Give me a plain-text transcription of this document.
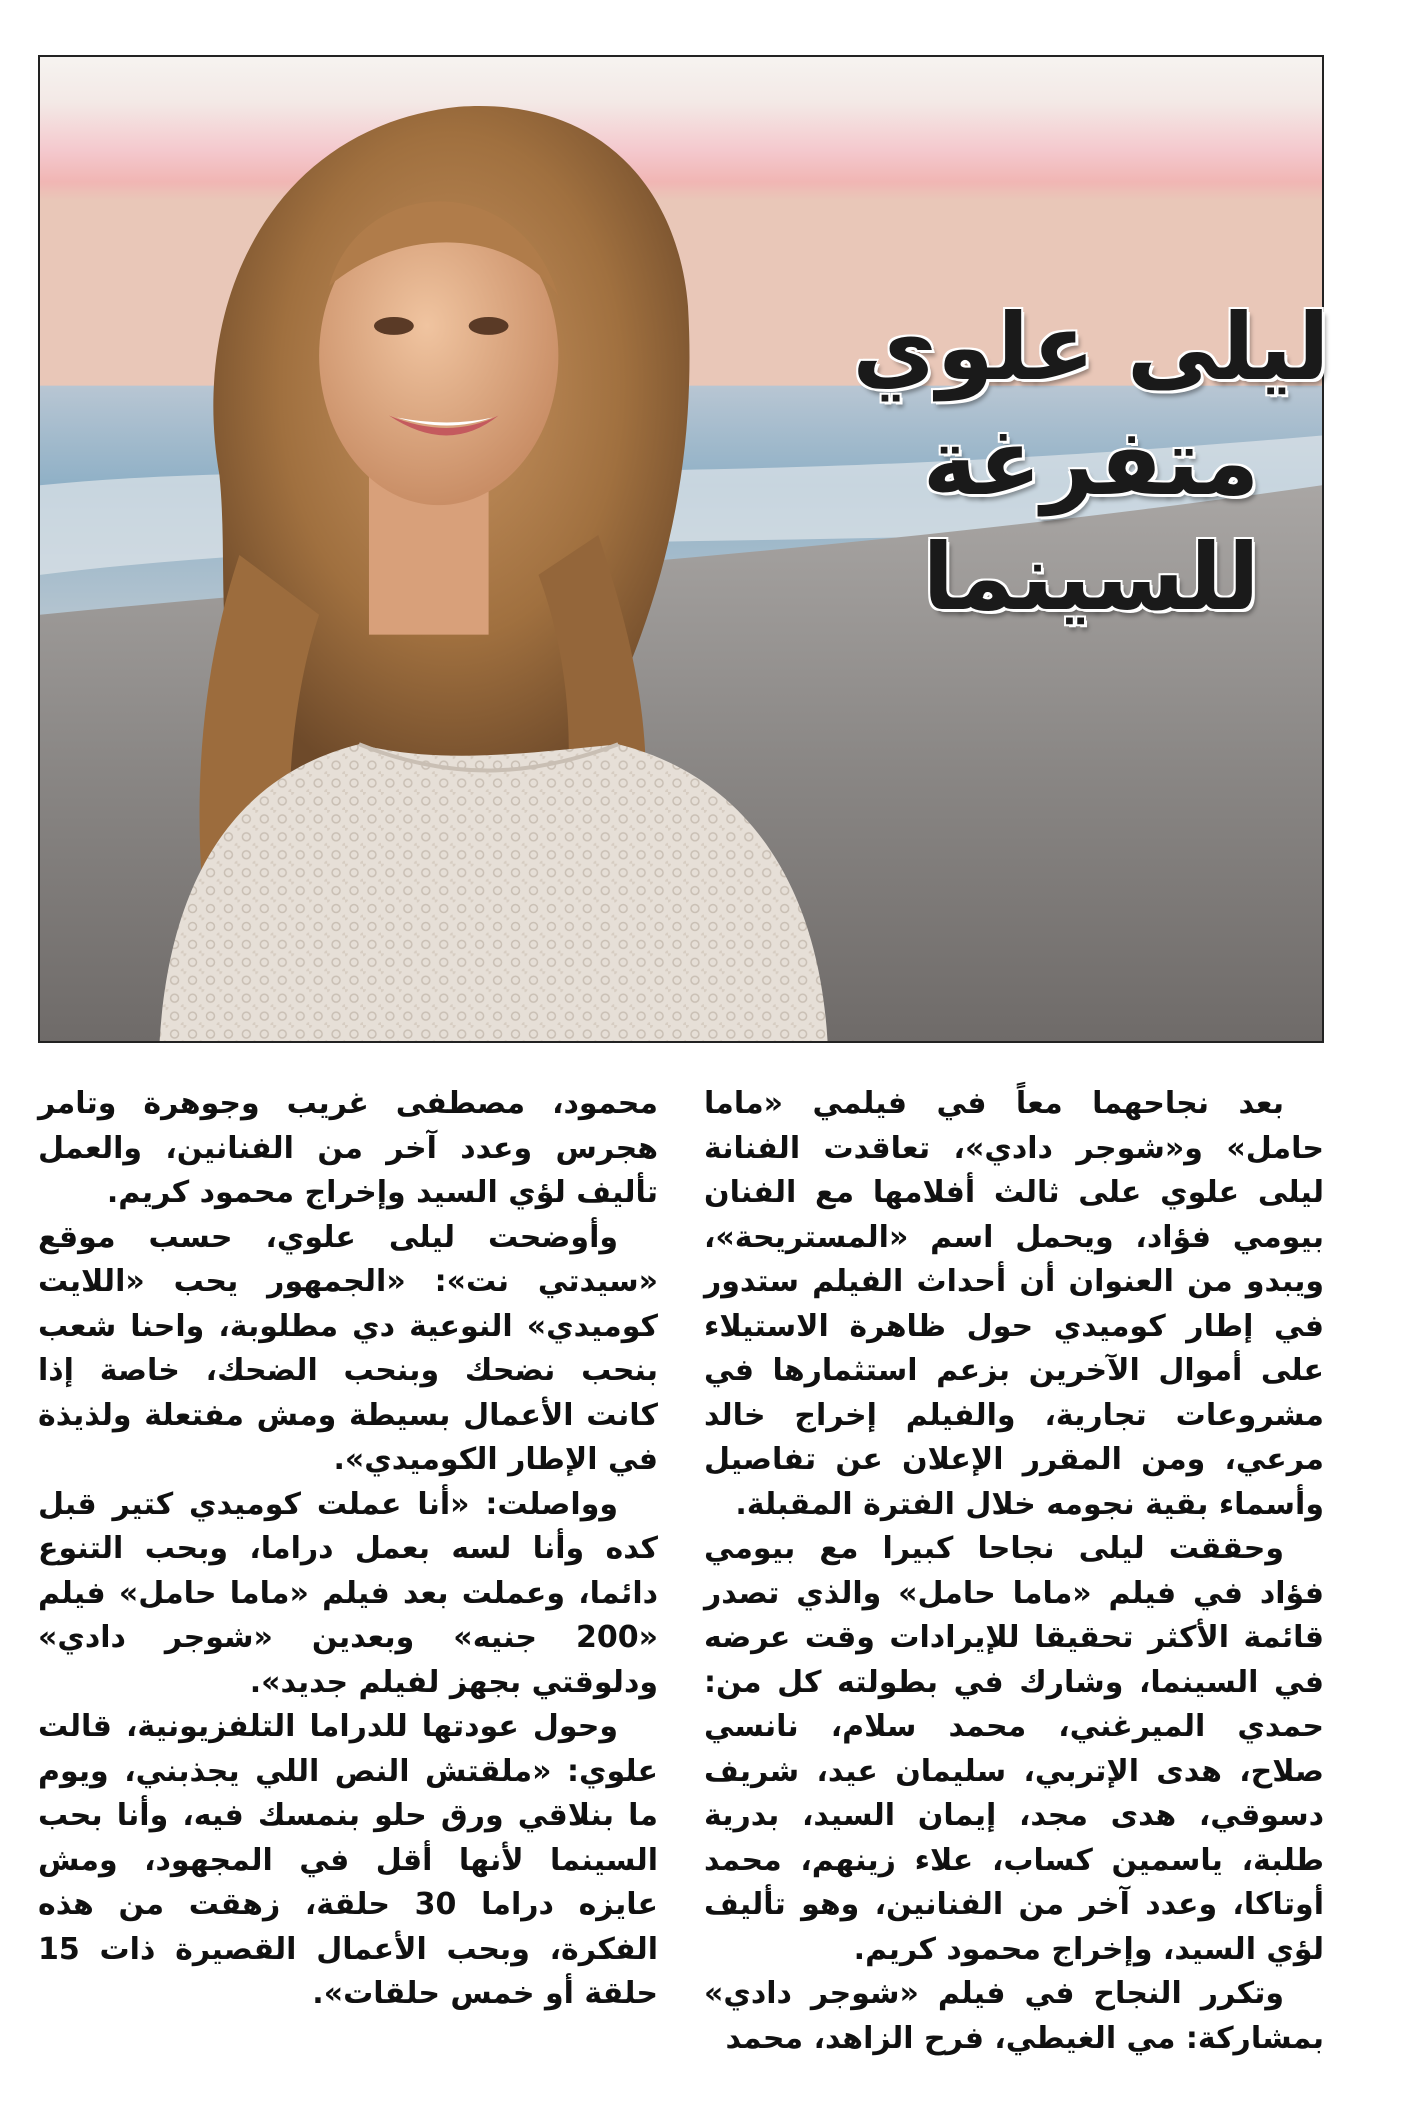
ليلى علوي
متفرغة للسينما

بعد نجاحهما معاً في فيلمي «ماما حامل» و«شوجر دادي»، تعاقدت الفنانة ليلى علوي على ثالث أفلامها مع الفنان بيومي فؤاد، ويحمل اسم «المستريحة»، ويبدو من العنوان أن أحداث الفيلم ستدور في إطار كوميدي حول ظاهرة الاستيلاء على أموال الآخرين بزعم استثمارها في مشروعات تجارية، والفيلم إخراج خالد مرعي، ومن المقرر الإعلان عن تفاصيل وأسماء بقية نجومه خلال الفترة المقبلة.

وحققت ليلى نجاحا كبيرا مع بيومي فؤاد في فيلم «ماما حامل» والذي تصدر قائمة الأكثر تحقيقا للإيرادات وقت عرضه في السينما، وشارك في بطولته كل من: حمدي الميرغني، محمد سلام، نانسي صلاح، هدى الإتربي، سليمان عيد، شريف دسوقي، هدى مجد، إيمان السيد، بدرية طلبة، ياسمين كساب، علاء زينهم، محمد أوتاكا، وعدد آخر من الفنانين، وهو تأليف لؤي السيد، وإخراج محمود كريم.

وتكرر النجاح في فيلم «شوجر دادي» بمشاركة: مي الغيطي، فرح الزاهد، محمد

محمود، مصطفى غريب وجوهرة وتامر هجرس وعدد آخر من الفنانين، والعمل تأليف لؤي السيد وإخراج محمود كريم.

وأوضحت ليلى علوي، حسب موقع «سيدتي نت»: «الجمهور يحب «اللايت كوميدي» النوعية دي مطلوبة، واحنا شعب بنحب نضحك وبنحب الضحك، خاصة إذا كانت الأعمال بسيطة ومش مفتعلة ولذيذة في الإطار الكوميدي».

وواصلت: «أنا عملت كوميدي كتير قبل كده وأنا لسه بعمل دراما، وبحب التنوع دائما، وعملت بعد فيلم «ماما حامل» فيلم «200 جنيه» وبعدين «شوجر دادي» ودلوقتي بجهز لفيلم جديد».

وحول عودتها للدراما التلفزيونية، قالت علوي: «ملقتش النص اللي يجذبني، ويوم ما بنلاقي ورق حلو بنمسك فيه، وأنا بحب السينما لأنها أقل في المجهود، ومش عايزه دراما 30 حلقة، زهقت من هذه الفكرة، وبحب الأعمال القصيرة ذات 15 حلقة أو خمس حلقات».
